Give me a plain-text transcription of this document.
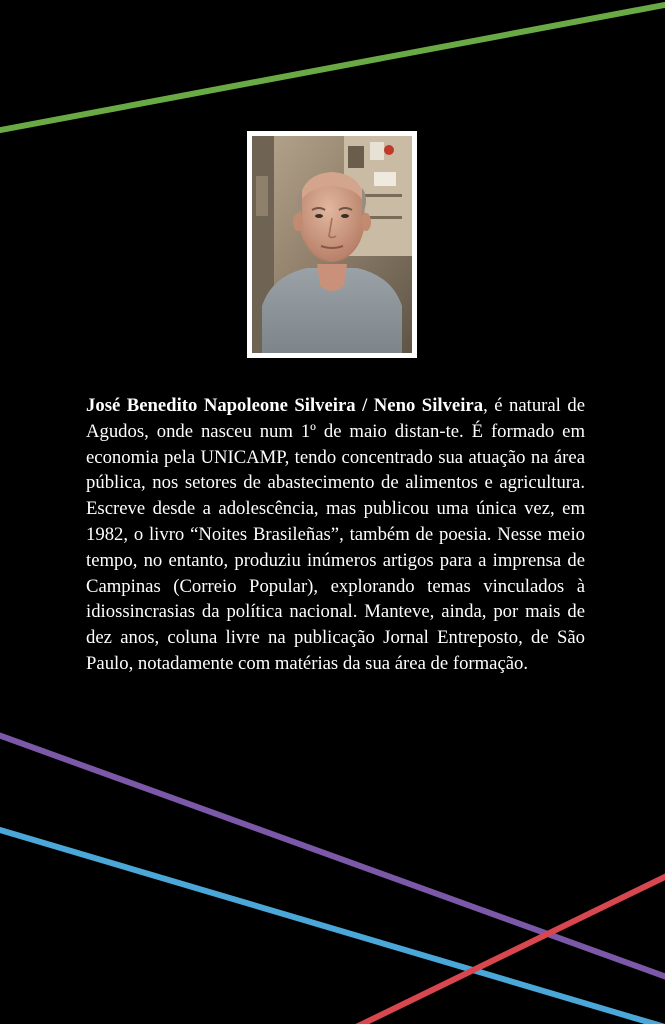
José Benedito Napoleone Silveira / Neno Silveira, é natural de Agudos, onde nasceu num 1º de maio distan-te. É formado em economia pela UNICAMP, tendo concentrado sua atuação na área pública, nos setores de abastecimento de alimentos e agricultura. Escreve desde a adolescência, mas publicou uma única vez, em 1982, o livro “Noites Brasileñas”, também de poesia. Nesse meio tempo, no entanto, produziu inúmeros artigos para a imprensa de Campinas (Correio Popular), explorando temas vinculados à idiossincrasias da política nacional. Manteve, ainda, por mais de dez anos, coluna livre na publicação Jornal Entreposto, de São Paulo, notadamente com matérias da sua área de formação.
